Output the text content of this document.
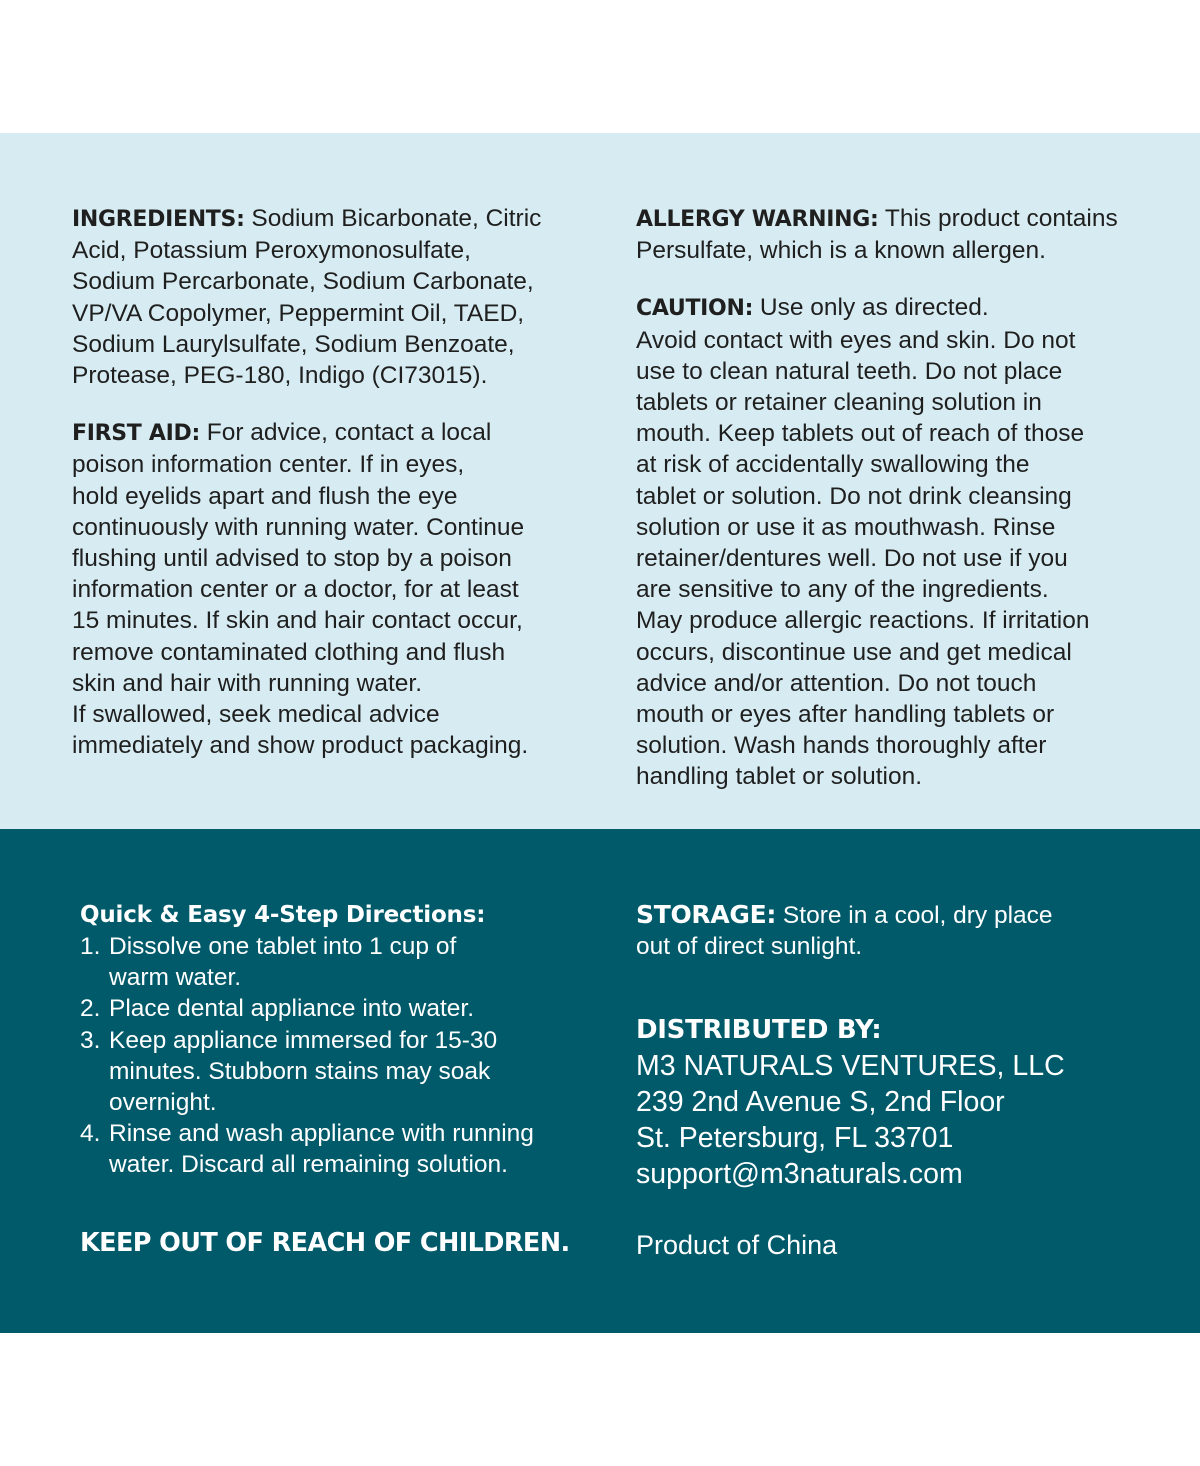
INGREDIENTS: Sodium Bicarbonate, Citric
Acid, Potassium Peroxymonosulfate,
Sodium Percarbonate, Sodium Carbonate,
VP/VA Copolymer, Peppermint Oil, TAED,
Sodium Laurylsulfate, Sodium Benzoate,
Protease, PEG-180, Indigo (CI73015).
FIRST AID: For advice, contact a local
poison information center. If in eyes,
hold eyelids apart and flush the eye
continuously with running water. Continue
flushing until advised to stop by a poison
information center or a doctor, for at least
15 minutes. If skin and hair contact occur,
remove contaminated clothing and flush
skin and hair with running water.
If swallowed, seek medical advice
immediately and show product packaging.
ALLERGY WARNING: This product contains
Persulfate, which is a known allergen.
CAUTION: Use only as directed.
Avoid contact with eyes and skin. Do not
use to clean natural teeth. Do not place
tablets or retainer cleaning solution in
mouth. Keep tablets out of reach of those
at risk of accidentally swallowing the
tablet or solution. Do not drink cleansing
solution or use it as mouthwash. Rinse
retainer/dentures well. Do not use if you
are sensitive to any of the ingredients.
May produce allergic reactions. If irritation
occurs, discontinue use and get medical
advice and/or attention. Do not touch
mouth or eyes after handling tablets or
solution. Wash hands thoroughly after
handling tablet or solution.
Quick & Easy 4-Step Directions:
1. Dissolve one tablet into 1 cup of
warm water.
2. Place dental appliance into water.
3. Keep appliance immersed for 15-30
minutes. Stubborn stains may soak
overnight.
4. Rinse and wash appliance with running
water. Discard all remaining solution.
KEEP OUT OF REACH OF CHILDREN.
STORAGE: Store in a cool, dry place
out of direct sunlight.
DISTRIBUTED BY:
M3 NATURALS VENTURES, LLC
239 2nd Avenue S, 2nd Floor
St. Petersburg, FL 33701
support@m3naturals.com
Product of China
